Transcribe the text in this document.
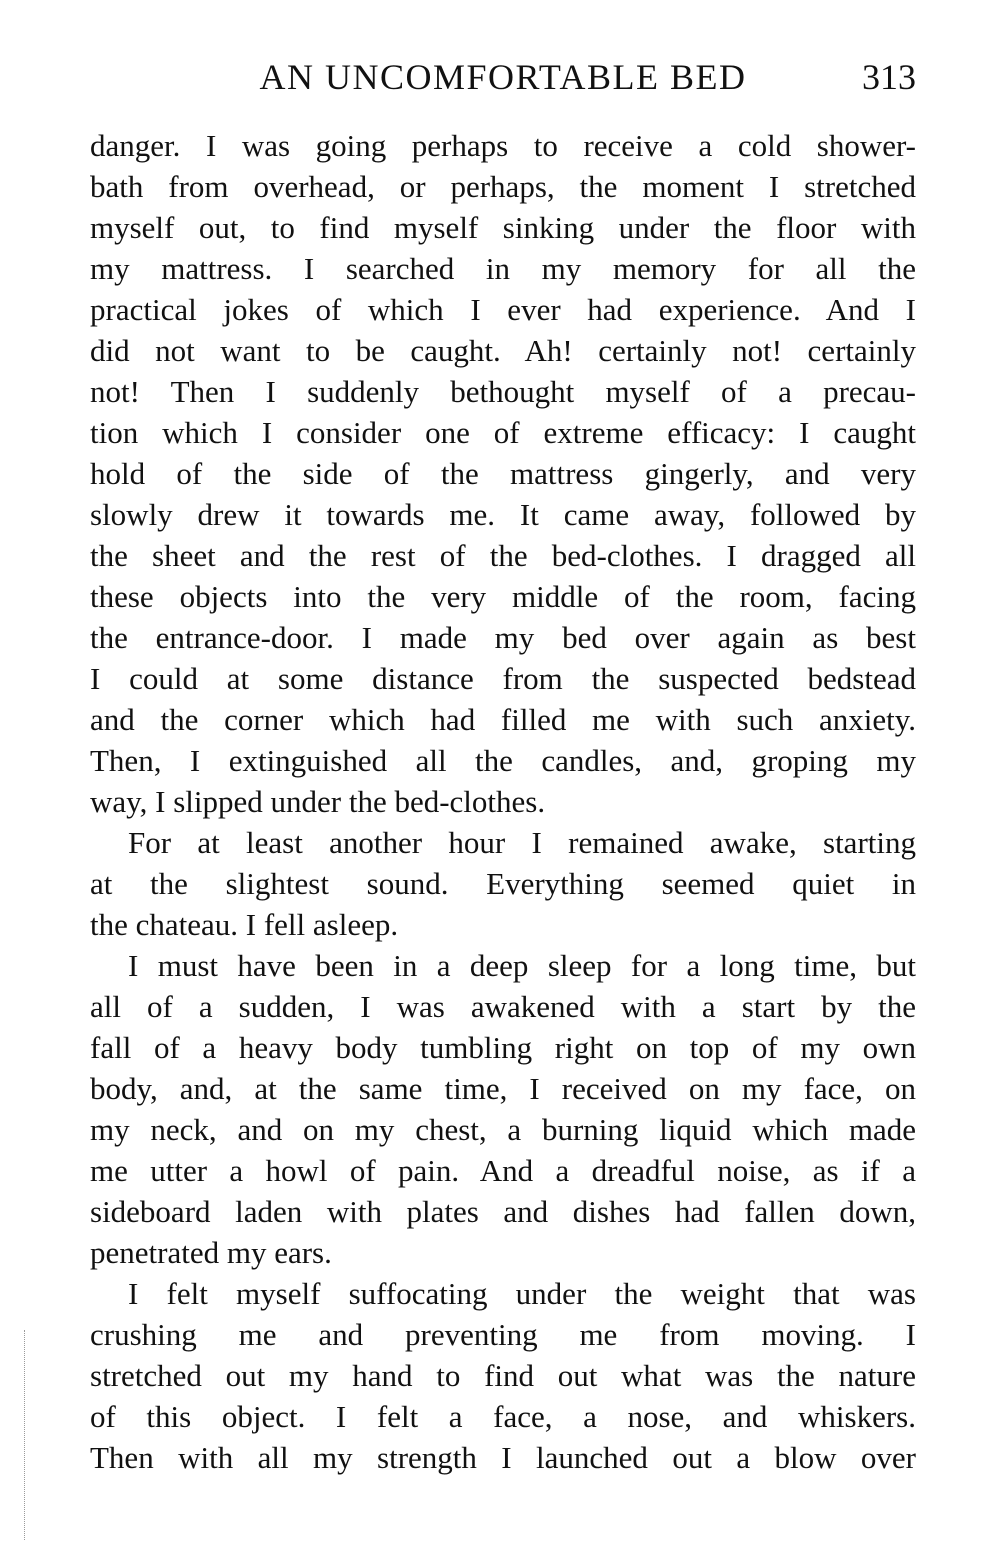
AN UNCOMFORTABLE BED	313
danger. I was going perhaps to receive a cold shower-
bath from overhead, or perhaps, the moment I stretched
myself out, to find myself sinking under the floor with
my mattress. I searched in my memory for all the
practical jokes of which I ever had experience. And I
did not want to be caught. Ah! certainly not! certainly
not! Then I suddenly bethought myself of a precau-
tion which I consider one of extreme efficacy: I caught
hold of the side of the mattress gingerly, and very
slowly drew it towards me. It came away, followed by
the sheet and the rest of the bed-clothes. I dragged all
these objects into the very middle of the room, facing
the entrance-door. I made my bed over again as best
I could at some distance from the suspected bedstead
and the corner which had filled me with such anxiety.
Then, I extinguished all the candles, and, groping my
way, I slipped under the bed-clothes.
For at least another hour I remained awake, starting
at the slightest sound. Everything seemed quiet in
the chateau. I fell asleep.
I must have been in a deep sleep for a long time, but
all of a sudden, I was awakened with a start by the
fall of a heavy body tumbling right on top of my own
body, and, at the same time, I received on my face, on
my neck, and on my chest, a burning liquid which made
me utter a howl of pain. And a dreadful noise, as if a
sideboard laden with plates and dishes had fallen down,
penetrated my ears.
I felt myself suffocating under the weight that was
crushing me and preventing me from moving. I
stretched out my hand to find out what was the nature
of this object. I felt a face, a nose, and whiskers.
Then with all my strength I launched out a blow over
